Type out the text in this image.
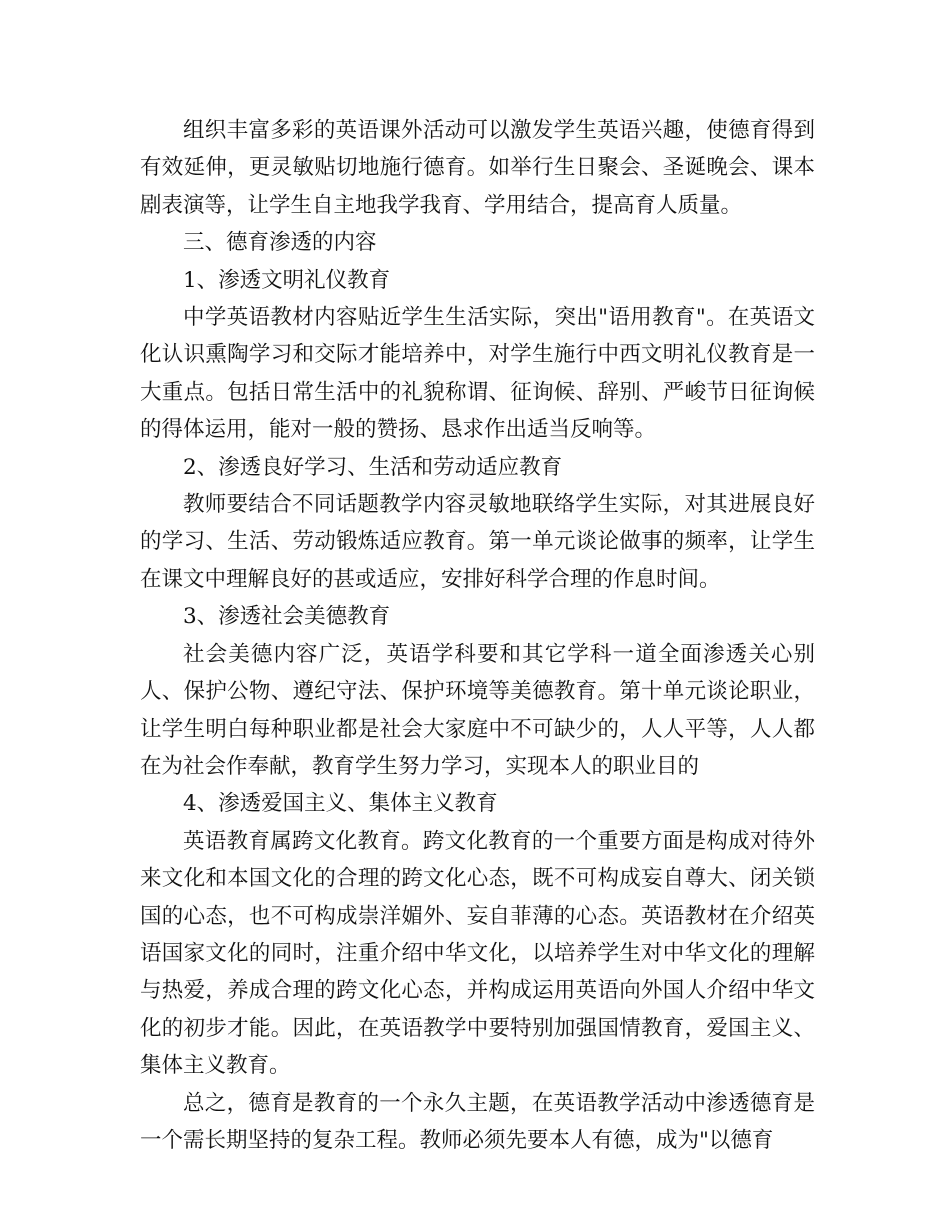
组织丰富多彩的英语课外活动可以激发学生英语兴趣，使德育得到有效延伸，更灵敏贴切地施行德育。如举行生日聚会、圣诞晚会、课本剧表演等，让学生自主地我学我育、学用结合，提高育人质量。

三、德育渗透的内容

1、渗透文明礼仪教育

中学英语教材内容贴近学生生活实际，突出"语用教育"。在英语文化认识熏陶学习和交际才能培养中，对学生施行中西文明礼仪教育是一大重点。包括日常生活中的礼貌称谓、征询候、辞别、严峻节日征询候的得体运用，能对一般的赞扬、恳求作出适当反响等。

2、渗透良好学习、生活和劳动适应教育

教师要结合不同话题教学内容灵敏地联络学生实际，对其进展良好的学习、生活、劳动锻炼适应教育。第一单元谈论做事的频率，让学生在课文中理解良好的甚或适应，安排好科学合理的作息时间。

3、渗透社会美德教育

社会美德内容广泛，英语学科要和其它学科一道全面渗透关心别人、保护公物、遵纪守法、保护环境等美德教育。第十单元谈论职业，让学生明白每种职业都是社会大家庭中不可缺少的，人人平等，人人都在为社会作奉献，教育学生努力学习，实现本人的职业目的

4、渗透爱国主义、集体主义教育

英语教育属跨文化教育。跨文化教育的一个重要方面是构成对待外来文化和本国文化的合理的跨文化心态，既不可构成妄自尊大、闭关锁国的心态，也不可构成崇洋媚外、妄自菲薄的心态。英语教材在介绍英语国家文化的同时，注重介绍中华文化，以培养学生对中华文化的理解与热爱，养成合理的跨文化心态，并构成运用英语向外国人介绍中华文化的初步才能。因此，在英语教学中要特别加强国情教育，爱国主义、集体主义教育。

总之，德育是教育的一个永久主题，在英语教学活动中渗透德育是一个需长期坚持的复杂工程。教师必须先要本人有德，成为"以德育
